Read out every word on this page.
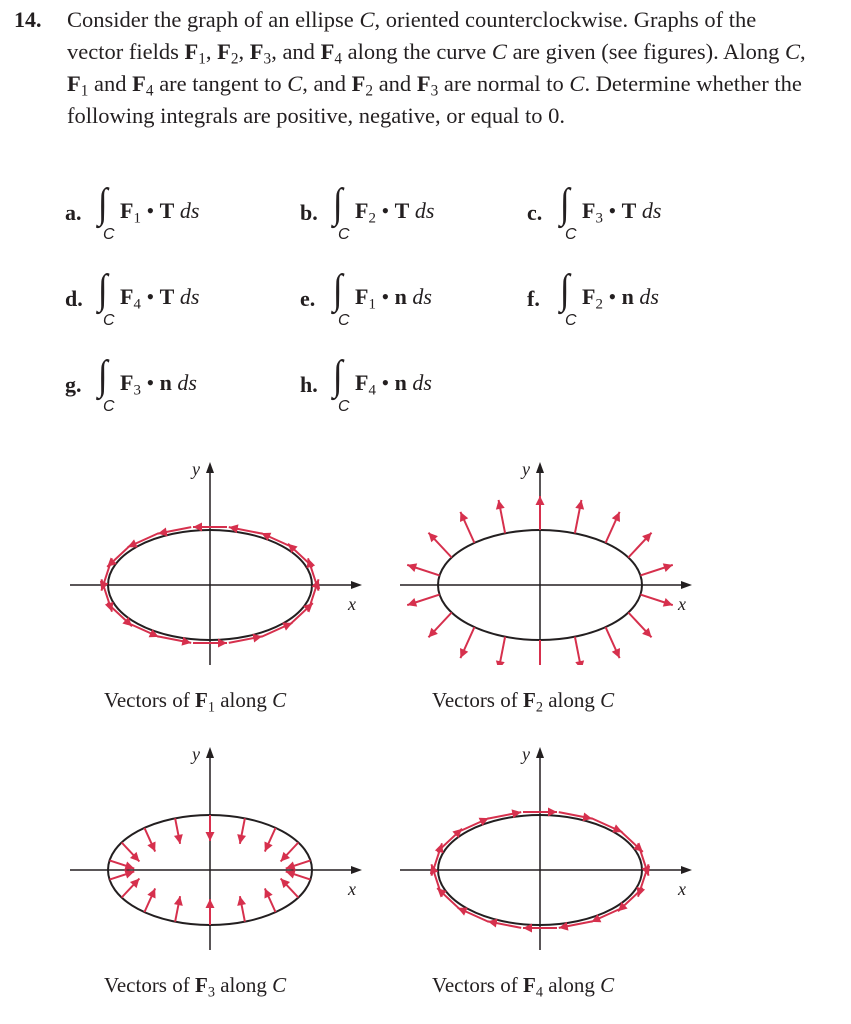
14. Consider the graph of an ellipse C, oriented counterclockwise. Graphs of the vector fields $F_1$, $F_2$, $F_3$, and $F_4$ along the curve C are given (see figures). Along C, $F_1$ and $F_4$ are tangent to C, and $F_2$ and $F_3$ are normal to C. Determine whether the following integrals are positive, negative, or equal to 0.
a. ∫
C
$F_1$ • T ds	b. ∫
C
$F_2$ • T ds	c. ∫
C
$F_3$ • T ds
d. ∫
C
$F_4$ • T ds	e. ∫
C
$F_1$ • n ds	f. ∫
C
$F_2$ • n ds
g. ∫
C
$F_3$ • n ds	h. ∫
C
$F_4$ • n ds
x
y
Vectors of $F_1$ along C
x
y
Vectors of $F_2$ along C
x
y
Vectors of $F_3$ along C
x
y
Vectors of $F_4$ along C
